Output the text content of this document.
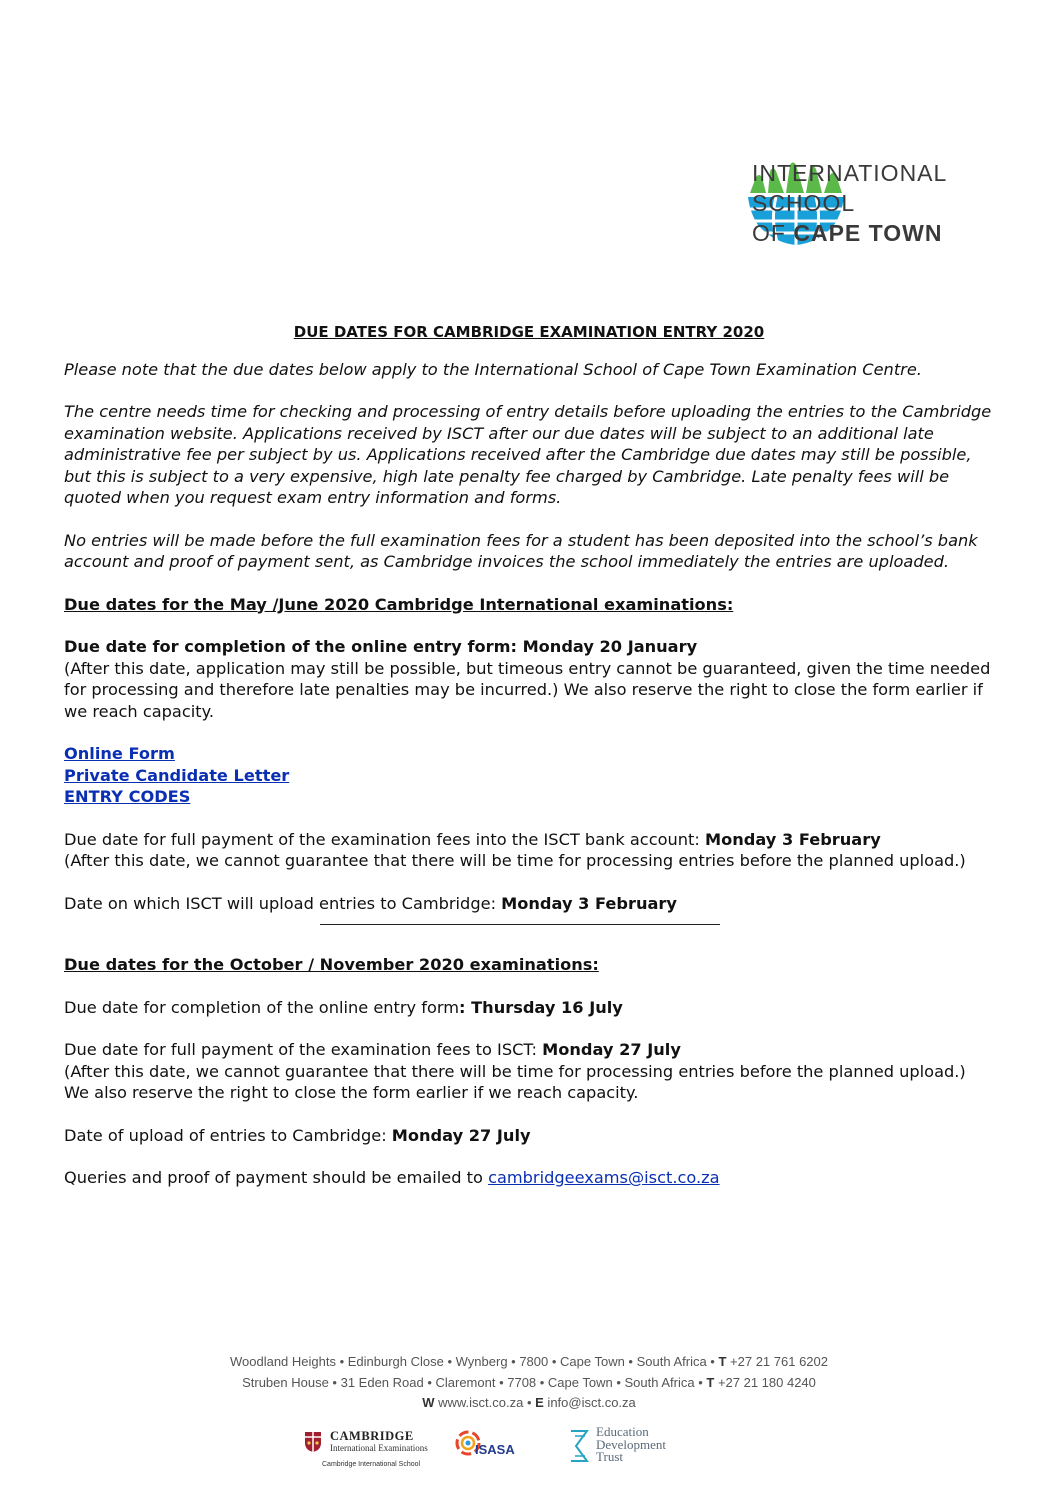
INTERNATIONAL
SCHOOL
OF CAPE TOWN
DUE DATES FOR CAMBRIDGE EXAMINATION ENTRY 2020

Please note that the due dates below apply to the International School of Cape Town Examination Centre.

The centre needs time for checking and processing of entry details before uploading the entries to the Cambridge examination website. Applications received by ISCT after our due dates will be subject to an additional late administrative fee per subject by us. Applications received after the Cambridge due dates may still be possible, but this is subject to a very expensive, high late penalty fee charged by Cambridge. Late penalty fees will be quoted when you request exam entry information and forms.

No entries will be made before the full examination fees for a student has been deposited into the school’s bank account and proof of payment sent, as Cambridge invoices the school immediately the entries are uploaded.

Due dates for the May /June 2020 Cambridge International examinations:

Due date for completion of the online entry form: Monday 20 January

(After this date, application may still be possible, but timeous entry cannot be guaranteed, given the time needed for processing and therefore late penalties may be incurred.) We also reserve the right to close the form earlier if we reach capacity.

Online Form
Private Candidate Letter
ENTRY CODES

Due date for full payment of the examination fees into the ISCT bank account: Monday 3 February

(After this date, we cannot guarantee that there will be time for processing entries before the planned upload.)

Date on which ISCT will upload entries to Cambridge: Monday 3 February

Due dates for the October / November 2020 examinations:

Due date for completion of the online entry form: Thursday 16 July

Due date for full payment of the examination fees to ISCT: Monday 27 July

(After this date, we cannot guarantee that there will be time for processing entries before the planned upload.) We also reserve the right to close the form earlier if we reach capacity.

Date of upload of entries to Cambridge: Monday 27 July

Queries and proof of payment should be emailed to cambridgeexams@isct.co.za

Woodland Heights • Edinburgh Close • Wynberg • 7800 • Cape Town • South Africa • T +27 21 761 6202
Struben House • 31 Eden Road • Claremont • 7708 • Cape Town • South Africa • T +27 21 180 4240
W www.isct.co.za • E info@isct.co.za
CAMBRIDGE
International Examinations
Cambridge International School
ISASA
Education
Development
Trust
